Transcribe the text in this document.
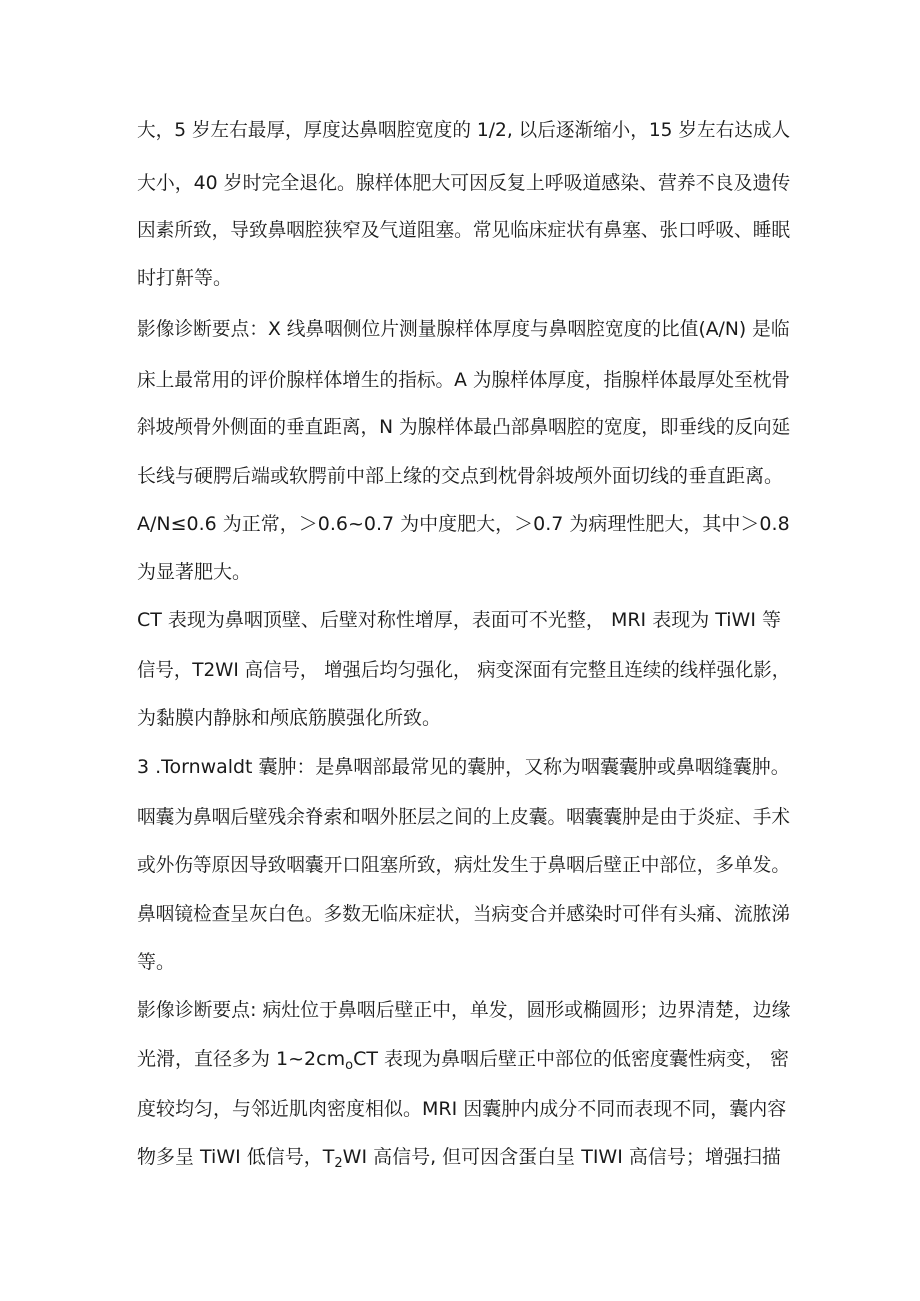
大，5 岁左右最厚，厚度达鼻咽腔宽度的 1/2, 以后逐渐缩小，15 岁左右达成人
大小，40 岁时完全退化。腺样体肥大可因反复上呼吸道感染、营养不良及遗传
因素所致，导致鼻咽腔狭窄及气道阻塞。常见临床症状有鼻塞、张口呼吸、睡眠
时打鼾等。
影像诊断要点：X 线鼻咽侧位片测量腺样体厚度与鼻咽腔宽度的比值(A/N) 是临
床上最常用的评价腺样体增生的指标。A 为腺样体厚度，指腺样体最厚处至枕骨
斜坡颅骨外侧面的垂直距离，N 为腺样体最凸部鼻咽腔的宽度，即垂线的反向延
长线与硬腭后端或软腭前中部上缘的交点到枕骨斜坡颅外面切线的垂直距离。
A/N≤0.6 为正常，＞0.6~0.7 为中度肥大，＞0.7 为病理性肥大，其中＞0.8
为显著肥大。
CT 表现为鼻咽顶壁、后壁对称性增厚，表面可不光整， MRI 表现为 TiWI 等
信号，T2WI 高信号， 增强后均匀强化， 病变深面有完整且连续的线样强化影，
为黏膜内静脉和颅底筋膜强化所致。
3 .Tornwaldt 囊肿：是鼻咽部最常见的囊肿，又称为咽囊囊肿或鼻咽缝囊肿。
咽囊为鼻咽后壁残余脊索和咽外胚层之间的上皮囊。咽囊囊肿是由于炎症、手术
或外伤等原因导致咽囊开口阻塞所致，病灶发生于鼻咽后壁正中部位，多单发。
鼻咽镜检查呈灰白色。多数无临床症状，当病变合并感染时可伴有头痛、流脓涕
等。
影像诊断要点: 病灶位于鼻咽后壁正中，单发，圆形或椭圆形；边界清楚，边缘
光滑，直径多为 $1\sim 2cm_oCT$ 表现为鼻咽后壁正中部位的低密度囊性病变， 密
度较均匀，与邻近肌肉密度相似。MRI 因囊肿内成分不同而表现不同，囊内容
物多呈 TiWI 低信号，$T_2WI$ 高信号, 但可因含蛋白呈 TIWI 高信号；增强扫描
